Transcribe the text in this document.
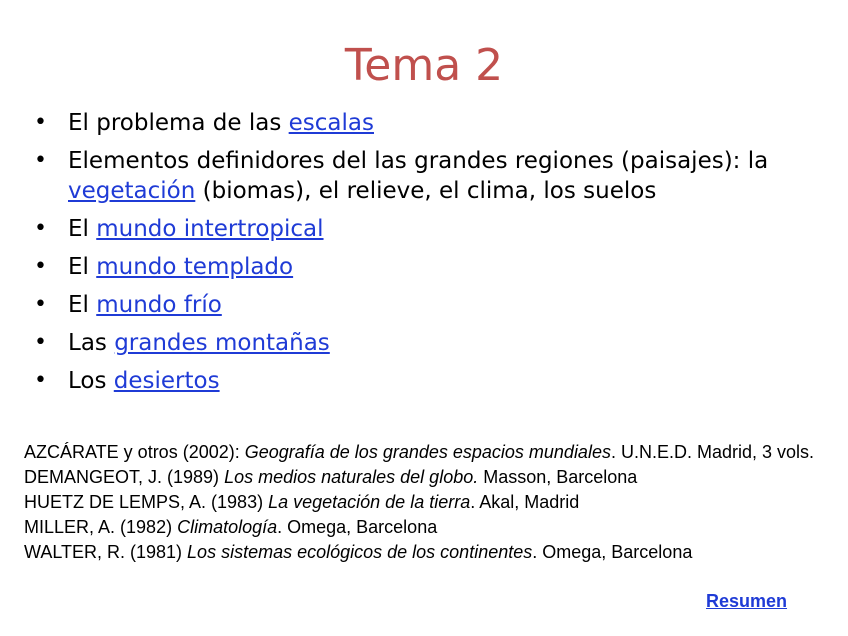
Tema 2
• El problema de las escalas
• Elementos definidores del las grandes regiones (paisajes): la vegetación (biomas), el relieve, el clima, los suelos
• El mundo intertropical
• El mundo templado
• El mundo frío
• Las grandes montañas
• Los desiertos

AZCÁRATE y otros (2002): Geografía de los grandes espacios mundiales. U.N.E.D. Madrid, 3 vols.

DEMANGEOT, J. (1989) Los medios naturales del globo. Masson, Barcelona

HUETZ DE LEMPS, A. (1983) La vegetación de la tierra. Akal, Madrid

MILLER, A. (1982) Climatología. Omega, Barcelona

WALTER, R. (1981) Los sistemas ecológicos de los continentes. Omega, Barcelona

Resumen
